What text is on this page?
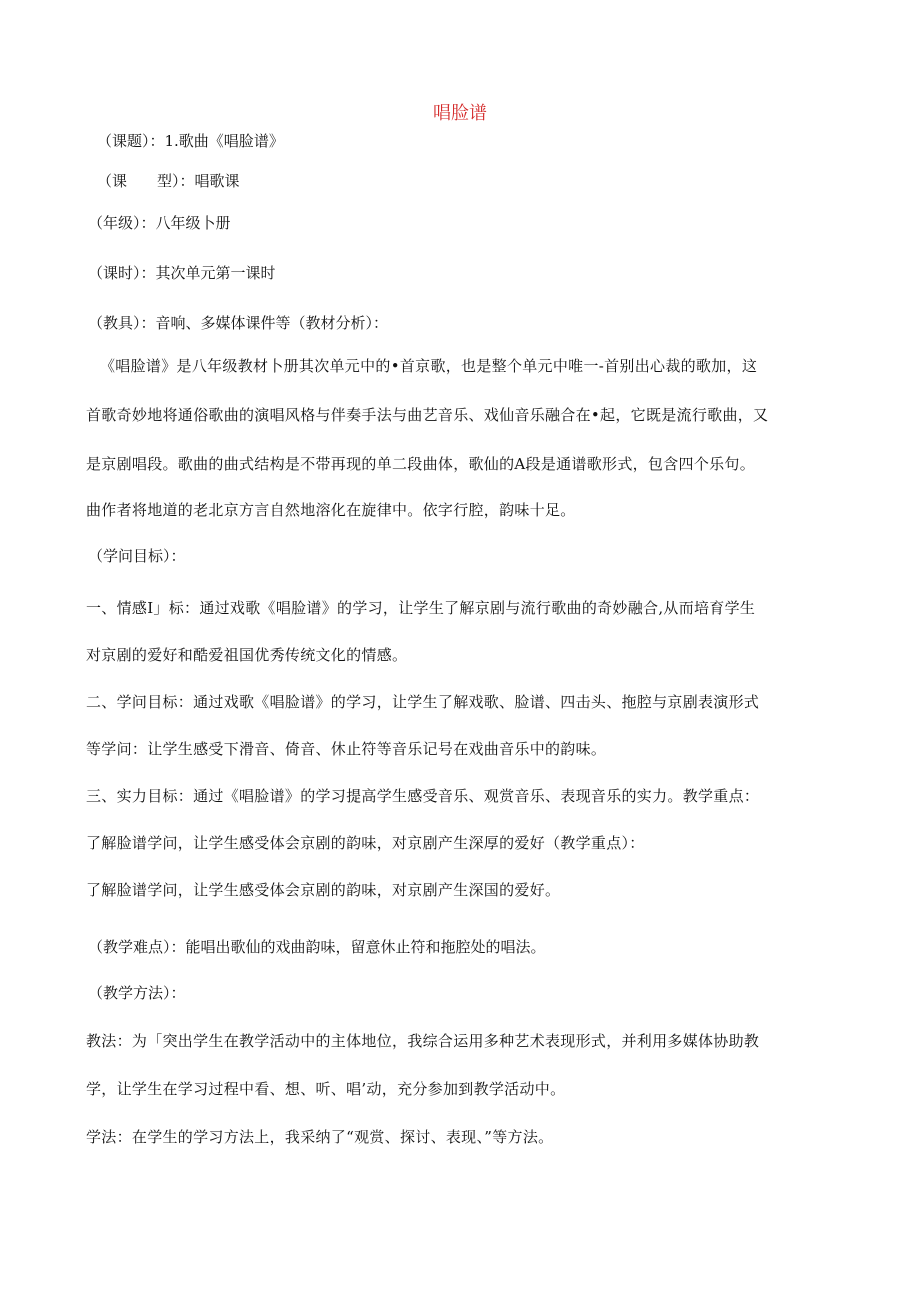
唱脸谱
（课题）：1.歌曲《唱脸谱》
（课　　型）：唱歌课
（年级）：八年级卜册
（课时）：其次单元第一课时
（教具）：音响、多媒体课件等（教材分析）：
《唱脸谱》是八年级教材卜册其次单元中的•首京歌，也是整个单元中唯一-首别出心裁的歌加，这
首歌奇妙地将通俗歌曲的演唱风格与伴奏手法与曲艺音乐、戏仙音乐融合在•起，它既是流行歌曲，又
是京剧唱段。歌曲的曲式结构是不带再现的单二段曲体，歌仙的A段是通谱歌形式，包含四个乐句。
曲作者将地道的老北京方言自然地溶化在旋律中。依字行腔，韵味十足。
（学问目标）：
一、情感I」标：通过戏歌《唱脸谱》的学习，让学生了解京剧与流行歌曲的奇妙融合,从而培育学生
对京剧的爱好和酷爱祖国优秀传统文化的情感。
二、学问目标：通过戏歌《唱脸谱》的学习，让学生了解戏歌、脸谱、四击头、拖腔与京剧表演形式
等学问：让学生感受下滑音、倚音、休止符等音乐记号在戏曲音乐中的韵味。
三、实力目标：通过《唱脸谱》的学习提高学生感受音乐、观赏音乐、表现音乐的实力。教学重点：
了解脸谱学问，让学生感受体会京剧的韵味，对京剧产生深厚的爱好（教学重点）：
了解脸谱学问，让学生感受体会京剧的韵味，对京剧产生深国的爱好。
（教学难点）：能唱出歌仙的戏曲韵味，留意休止符和拖腔处的唱法。
（教学方法）：
教法：为「突出学生在教学活动中的主体地位，我综合运用多种艺术表现形式，并利用多媒体协助教
学，让学生在学习过程中看、想、听、唱’动，充分参加到教学活动中。
学法：在学生的学习方法上，我采纳了“观赏、探讨、表现、”等方法。
